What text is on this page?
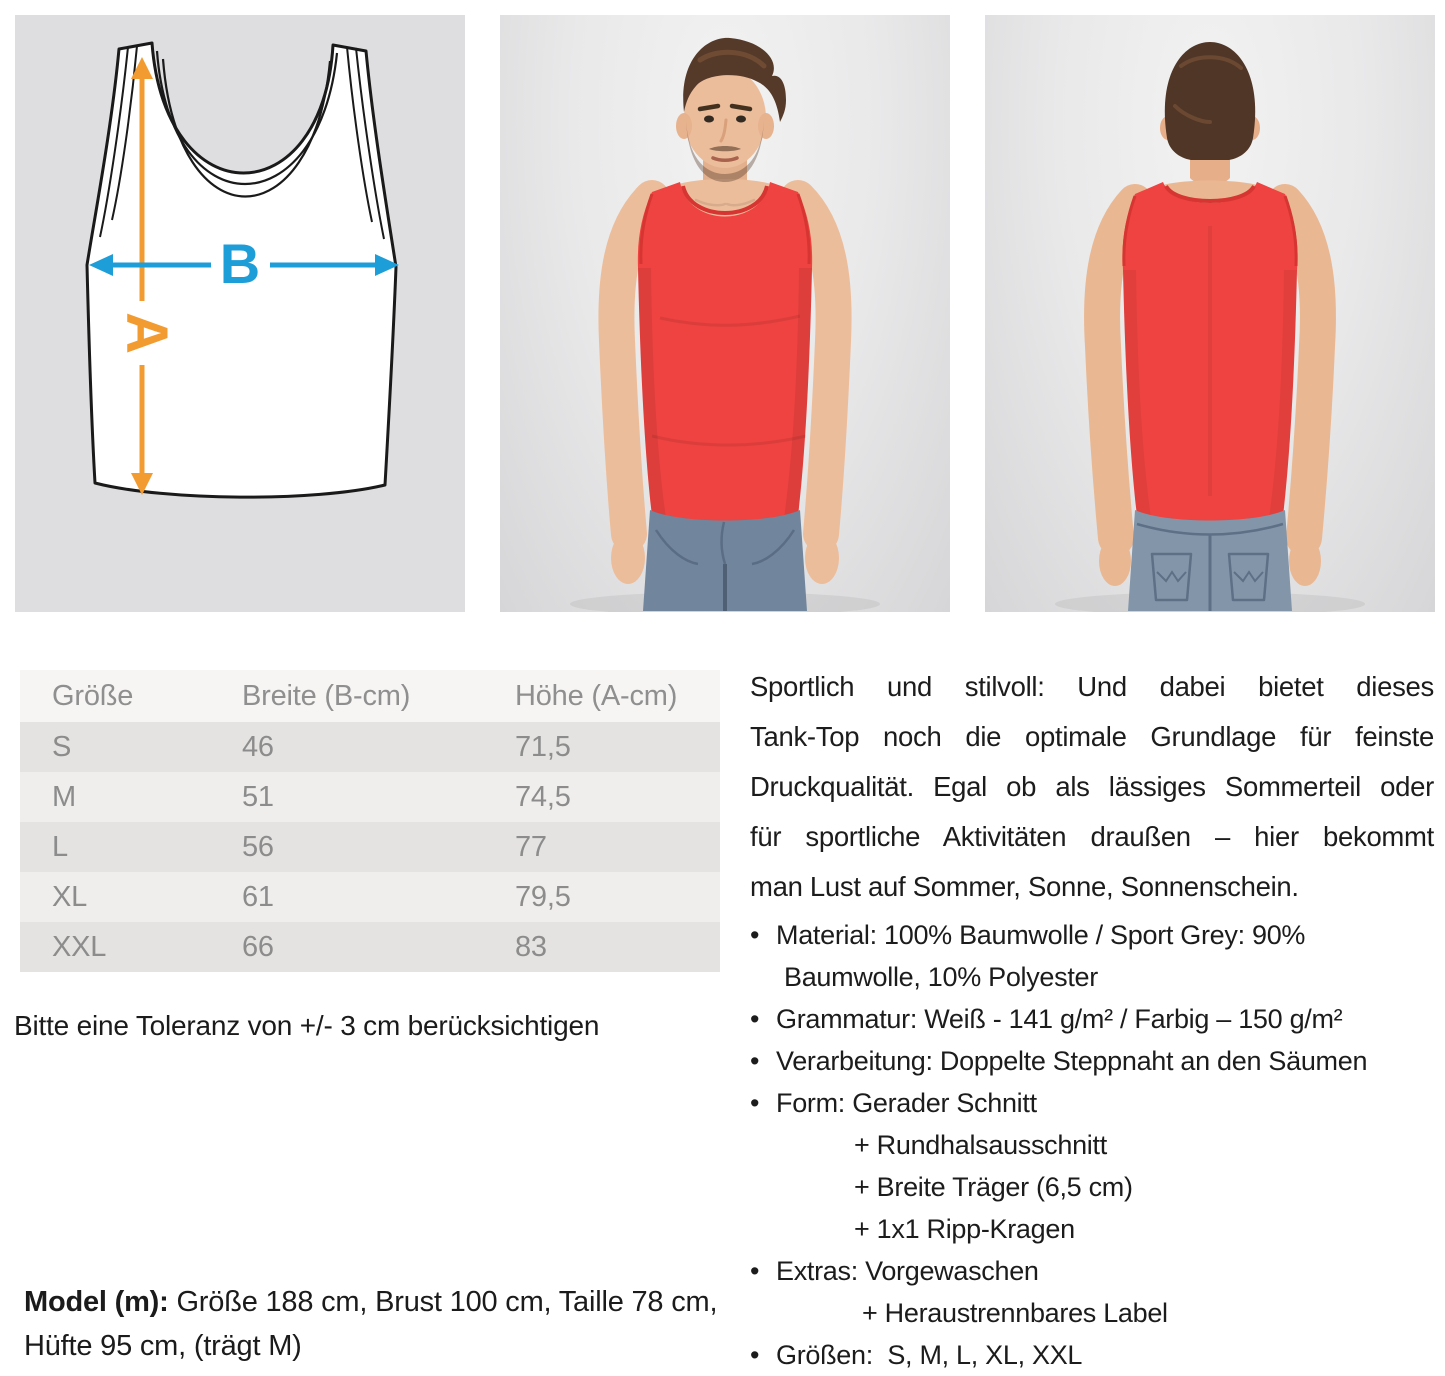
A
B
Größe	Breite (B-cm)	Höhe (A-cm)
S	46	71,5
M	51	74,5
L	56	77
XL	61	79,5
XXL	66	83
Bitte eine Toleranz von +/- 3 cm berücksichtigen
Model (m): Größe 188 cm, Brust 100 cm, Taille 78 cm,
Hüfte 95 cm, (trägt M)
Sportlich und stilvoll: Und dabei bietet dieses
Tank-Top noch die optimale Grundlage für feinste
Druckqualität. Egal ob als lässiges Sommerteil oder
für sportliche Aktivitäten draußen – hier bekommt
man Lust auf Sommer, Sonne, Sonnenschein.
• Material: 100% Baumwolle / Sport Grey: 90%
Baumwolle, 10% Polyester
• Grammatur: Weiß - 141 g/m² / Farbig – 150 g/m²
• Verarbeitung: Doppelte Steppnaht an den Säumen
• Form: Gerader Schnitt
+ Rundhalsausschnitt
+ Breite Träger (6,5 cm)
+ 1x1 Ripp-Kragen
• Extras: Vorgewaschen
+ Heraustrennbares Label
• Größen:  S, M, L, XL, XXL
